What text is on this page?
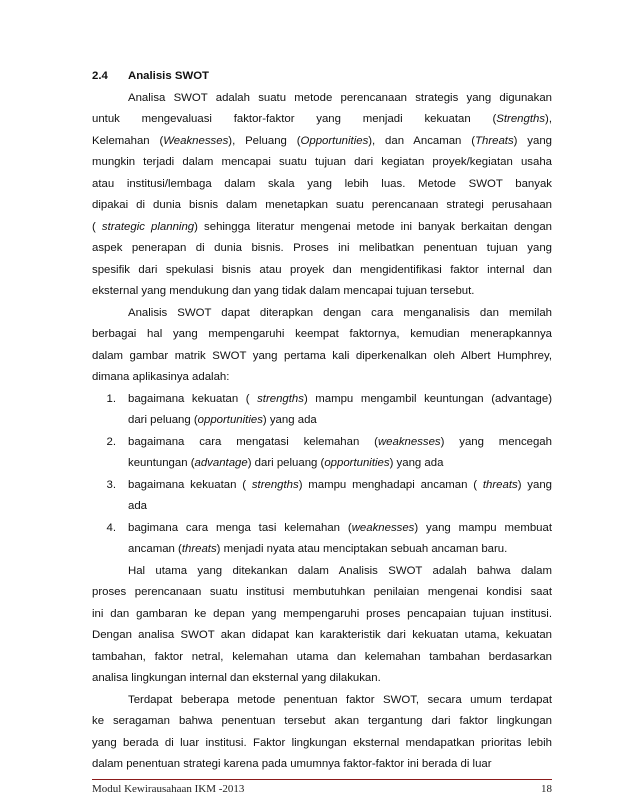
2.4	Analisis SWOT

Analisa SWOT adalah suatu metode perencanaan strategis yang digunakan

untuk mengevaluasi faktor-faktor yang menjadi kekuatan (Strengths),

Kelemahan (Weaknesses), Peluang (Opportunities), dan Ancaman (Threats) yang

mungkin terjadi dalam mencapai suatu tujuan dari kegiatan proyek/kegiatan usaha

atau institusi/lembaga dalam skala yang lebih luas. Metode SWOT banyak

dipakai di dunia bisnis dalam menetapkan suatu perencanaan strategi perusahaan

( strategic planning) sehingga literatur mengenai metode ini banyak berkaitan dengan

aspek penerapan di dunia bisnis. Proses ini melibatkan penentuan tujuan yang

spesifik dari spekulasi bisnis atau proyek dan mengidentifikasi faktor internal dan

eksternal yang mendukung dan yang tidak dalam mencapai tujuan tersebut.

Analisis SWOT dapat diterapkan dengan cara menganalisis dan memilah

berbagai hal yang mempengaruhi keempat faktornya, kemudian menerapkannya

dalam gambar matrik SWOT yang pertama kali diperkenalkan oleh Albert Humphrey,

dimana aplikasinya adalah:

1.	bagaimana kekuatan ( strengths) mampu mengambil keuntungan (advantage)
dari peluang (opportunities) yang ada
2.	bagaimana cara mengatasi kelemahan (weaknesses) yang mencegah
keuntungan (advantage) dari peluang (opportunities) yang ada
3.	bagaimana kekuatan ( strengths) mampu menghadapi ancaman ( threats) yang
ada
4.	bagimana cara menga tasi kelemahan (weaknesses) yang mampu membuat
ancaman (threats) menjadi nyata atau menciptakan sebuah ancaman baru.

Hal utama yang ditekankan dalam Analisis SWOT adalah bahwa dalam

proses perencanaan suatu institusi membutuhkan penilaian mengenai kondisi saat

ini dan gambaran ke depan yang mempengaruhi proses pencapaian tujuan institusi.

Dengan analisa SWOT akan didapat kan karakteristik dari kekuatan utama, kekuatan

tambahan, faktor netral, kelemahan utama dan kelemahan tambahan berdasarkan

analisa lingkungan internal dan eksternal yang dilakukan.

Terdapat beberapa metode penentuan faktor SWOT, secara umum terdapat

ke seragaman bahwa penentuan tersebut akan tergantung dari faktor lingkungan

yang berada di luar institusi. Faktor lingkungan eksternal mendapatkan prioritas lebih

dalam penentuan strategi karena pada umumnya faktor-faktor ini berada di luar

Modul Kewirausahaan IKM -2013	18
